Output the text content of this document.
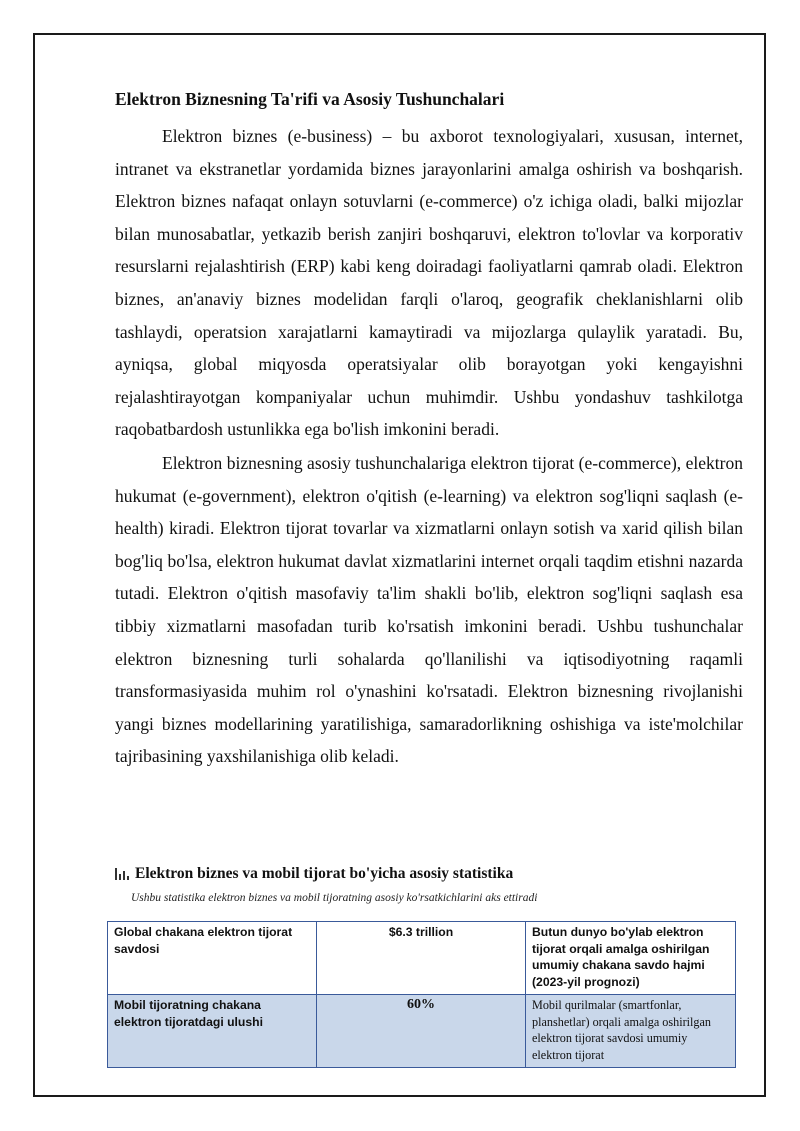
Elektron Biznesning Ta'rifi va Asosiy Tushunchalari

Elektron biznes (e-business) – bu axborot texnologiyalari, xususan, internet, intranet va ekstranetlar yordamida biznes jarayonlarini amalga oshirish va boshqarish. Elektron biznes nafaqat onlayn sotuvlarni (e-commerce) o'z ichiga oladi, balki mijozlar bilan munosabatlar, yetkazib berish zanjiri boshqaruvi, elektron to'lovlar va korporativ resurslarni rejalashtirish (ERP) kabi keng doiradagi faoliyatlarni qamrab oladi. Elektron biznes, an'anaviy biznes modelidan farqli o'laroq, geografik cheklanishlarni olib tashlaydi, operatsion xarajatlarni kamaytiradi va mijozlarga qulaylik yaratadi. Bu, ayniqsa, global miqyosda operatsiyalar olib borayotgan yoki kengayishni rejalashtirayotgan kompaniyalar uchun muhimdir. Ushbu yondashuv tashkilotga raqobatbardosh ustunlikka ega bo'lish imkonini beradi.

Elektron biznesning asosiy tushunchalariga elektron tijorat (e-commerce), elektron hukumat (e-government), elektron o'qitish (e-learning) va elektron sog'liqni saqlash (e-health) kiradi. Elektron tijorat tovarlar va xizmatlarni onlayn sotish va xarid qilish bilan bog'liq bo'lsa, elektron hukumat davlat xizmatlarini internet orqali taqdim etishni nazarda tutadi. Elektron o'qitish masofaviy ta'lim shakli bo'lib, elektron sog'liqni saqlash esa tibbiy xizmatlarni masofadan turib ko'rsatish imkonini beradi. Ushbu tushunchalar elektron biznesning turli sohalarda qo'llanilishi va iqtisodiyotning raqamli transformasiyasida muhim rol o'ynashini ko'rsatadi. Elektron biznesning rivojlanishi yangi biznes modellarining yaratilishiga, samaradorlikning oshishiga va iste'molchilar tajribasining yaxshilanishiga olib keladi.

Elektron biznes va mobil tijorat bo'yicha asosiy statistika
Ushbu statistika elektron biznes va mobil tijoratning asosiy ko'rsatkichlarini aks ettiradi
Global chakana elektron tijorat savdosi	$6.3 trillion	Butun dunyo bo'ylab elektron tijorat orqali amalga oshirilgan umumiy chakana savdo hajmi (2023-yil prognozi)
Mobil tijoratning chakana elektron tijoratdagi ulushi	60%	Mobil qurilmalar (smartfonlar, planshetlar) orqali amalga oshirilgan elektron tijorat savdosi umumiy elektron tijorat
